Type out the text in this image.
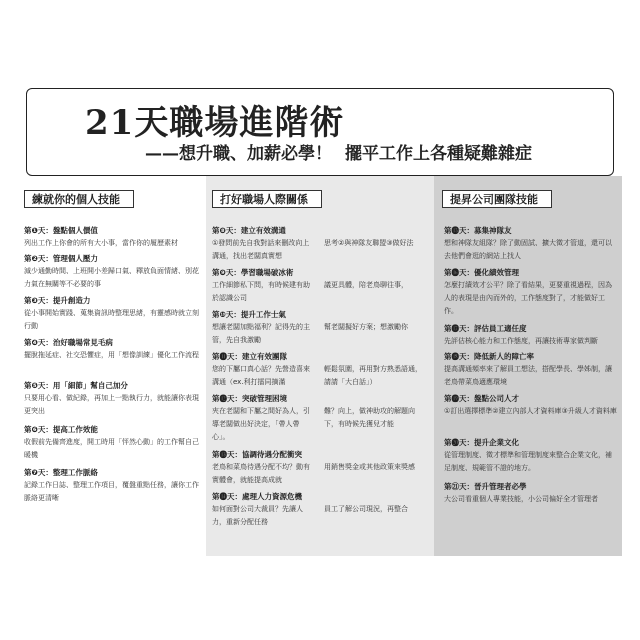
21天職場進階術
——想升職、加薪必學！ 擺平工作上各種疑難雜症
練就你的個人技能
第❶天：盤點個人價值
列出工作上你會的所有大小事，當作你的履歷素材
第❷天：管理個人壓力
減少通勤時間、上班開小差歸口氣、釋放負面情緒、別花力氣在無關等不必要的事
第❸天：提升創造力
從小事開始實踐、蒐集資訊時整理思緒，有靈感時就立刻行動
第❹天：治好職場常見毛病
擺脫拖延症、社交恐懼症，用「想像訓練」優化工作流程
第❺天：用「細節」幫自己加分
只要用心看、做紀錄，再加上一點執行力，就能讓你表現更突出
第❻天：提高工作效能
收假前先備齊進度，開工時用「怦然心動」的工作幫自己暖機
第❼天：整理工作脈絡
記錄工作日誌、整理工作項目，覆盤重點任務，讓你工作脈絡更清晰
打好職場人際關係
第❽天：建立有效溝通
①發問前先自我對話來刪改向上溝通，找出老闆真實想
思考②與神隊友聯盟③做好法
第❾天：學習職場破冰術
工作細節私下問，有時候建有助於認識公司
議更具體，陪老鳥聊往事，
第❿天：提升工作士氣
想讓老闆加點福利？記得先的主管，先自我激勵
幫老闆擬好方案；想激勵你
第⓫天：建立有效團隊
您的下屬口真心話？先營造喜來溝通（ex.利打擂同摘滿
輕鬆氛圍，再用對方熟悉語通，請請「大白話」）
第⓬天：突破管理困境
夾在老闆和下屬之間好為人，引導老闆做出好決定，「帶人帶心」。
難？向上，做神助攻的解題向下，有時候先獲兒才能
第⓭天：協調待遇分配衝突
老鳥和菜鳥待遇分配不均？動有實體會，就能提高成就
用銷售獎金或其他政策來獎感
第⓮天：處理人力資源危機
如何面對公司大裁員？先讓人力，重新分配任務
員工了解公司現況，再整合
提昇公司團隊技能
第⓯天：募集神隊友
想和神隊友組隊？除了動固試、擴大徵才管道，還可以去他們會逛的網站上找人
第⓰天：優化績效管理
怎麼打績效才公平？除了看結果，更要重視過程，因為人的表現是由內而外的，工作態度對了，才能做好工作。
第⓱天：評估員工適任度
先評估核心能力和工作態度，再讓技術專家做判斷
第⓲天：降低新人的障亡率
提高溝通頻率來了解員工想法，搭配學長、學姊制，讓老鳥帶菜鳥適應環境
第⓳天：盤點公司人才
①訂出選擇標準②建立內部人才資料庫③升級人才資料庫
第⓴天：提升企業文化
從管理制度、徵才標準和管理制度來整合企業文化，補足制度、規範管不證的地方。
第㉑天：晉升管理者必學
大公司看重個人專業技能，小公司偏好全才管理者
